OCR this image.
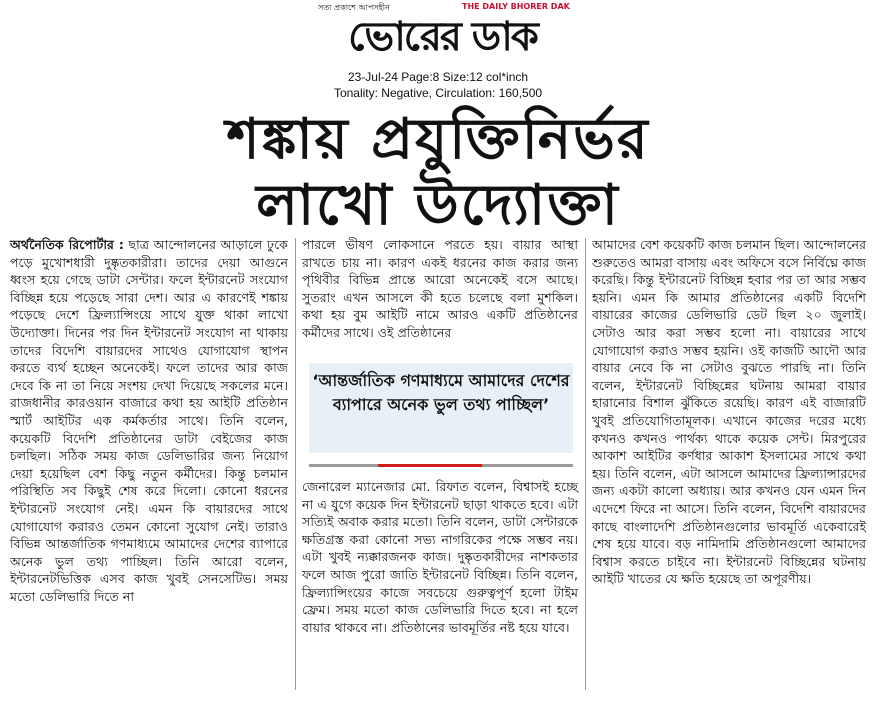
সত্য প্রকাশে আপসহীন	THE DAILY BHORER DAK
ভোরের ডাক
23-Jul-24 Page:8 Size:12 col*inch
Tonality: Negative, Circulation: 160,500
শঙ্কায় প্রযুক্তিনির্ভর
লাখো উদ্যোক্তা
অর্থনৈতিক রিপোর্টার : ছাত্র আন্দোলনের আড়ালে ঢুকে পড়ে মুখোশধারী দুষ্কৃতকারীরা। তাদের দেয়া আগুনে ধ্বংস হয়ে গেছে ডাটা সেন্টার। ফলে ইন্টারনেট সংযোগ বিচ্ছিন্ন হয়ে পড়েছে সারা দেশ। আর এ কারণেই শঙ্কায় পড়েছে দেশে ফ্রিল্যান্সিংয়ে সাথে যুক্ত থাকা লাখো উদ্যোক্তা। দিনের পর দিন ইন্টারনেট সংযোগ না থাকায় তাদের বিদেশি বায়ারদের সাথেও যোগাযোগ স্থাপন করতে ব্যর্থ হচ্ছেন অনেকেই। ফলে তাদের আর কাজ দেবে কি না তা নিয়ে সংশয় দেখা দিয়েছে সকলের মনে। রাজধানীর কারওয়ান বাজারে কথা হয় আইটি প্রতিষ্ঠান স্মার্ট আইটির এক কর্মকর্তার সাথে। তিনি বলেন, কয়েকটি বিদেশি প্রতিষ্ঠানের ডাটা বেইজের কাজ চলছিল। সঠিক সময় কাজ ডেলিভারির জন্য নিয়োগ দেয়া হয়েছিল বেশ কিছু নতুন কর্মীদের। কিন্তু চলমান পরিস্থিতি সব কিছুই শেষ করে দিলো। কোনো ধরনের ইন্টারনেট সংযোগ নেই। এমন কি বায়ারদের সাথে যোগাযোগ করারও তেমন কোনো সুযোগ নেই। তারাও বিভিন্ন আন্তর্জাতিক গণমাধ্যমে আমাদের দেশের ব্যাপারে অনেক ভুল তথ্য পাচ্ছিল। তিনি আরো বলেন, ইন্টারনেটভিত্তিক এসব কাজ খুবই সেনসেটিভ। সময় মতো ডেলিভারি দিতে না
পারলে ভীষণ লোকসানে পরতে হয়। বায়ার আস্থা রাখতে চায় না। কারণ একই ধরনের কাজ করার জন্য পৃথিবীর বিভিন্ন প্রান্তে আরো অনেকেই বসে আছে। সুতরাং এখন আসলে কী হতে চলেছে বলা মুশকিল। কথা হয় বুম আইটি নামে আরও একটি প্রতিষ্ঠানের কর্মীদের সাথে। ওই প্রতিষ্ঠানের
‘আন্তর্জাতিক গণমাধ্যমে আমাদের দেশের ব্যাপারে অনেক ভুল তথ্য পাচ্ছিল’
জেনারেল ম্যানেজার মো. রিফাত বলেন, বিশ্বাসই হচ্ছে না এ যুগে কয়েক দিন ইন্টারনেট ছাড়া থাকতে হবে। এটা সত্যিই অবাক করার মতো। তিনি বলেন, ডাটা সেন্টারকে ক্ষতিগ্রস্ত করা কোনো সভ্য নাগরিকের পক্ষে সম্ভব নয়। এটা খুবই ন্যক্কারজনক কাজ। দুষ্কৃতকারীদের নাশকতার ফলে আজ পুরো জাতি ইন্টারনেট বিচ্ছিন্ন। তিনি বলেন, ফ্রিল্যান্সিংয়ের কাজে সবচেয়ে গুরুত্বপূর্ণ হলো টাইম ফ্রেম। সময় মতো কাজ ডেলিভারি দিতে হবে। না হলে বায়ার থাকবে না। প্রতিষ্ঠানের ভাবমূর্তির নষ্ট হয়ে যাবে।
আমাদের বেশ কয়েকটি কাজ চলমান ছিল। আন্দোলনের শুরুতেও আমরা বাসায় এবং অফিসে বসে নির্বিঘ্নে কাজ করেছি। কিন্তু ইন্টারনেট বিচ্ছিন্ন হবার পর তা আর সম্ভব হয়নি। এমন কি আমার প্রতিষ্ঠানের একটি বিদেশি বায়ারের কাজের ডেলিভারি ডেট ছিল ২০ জুলাই। সেটাও আর করা সম্ভব হলো না। বায়ারের সাথে যোগাযোগ করাও সম্ভব হয়নি। ওই কাজটি আদৌ আর বায়ার নেবে কি না সেটাও বুঝতে পারছি না। তিনি বলেন, ইন্টারনেট বিচ্ছিন্নের ঘটনায় আমরা বায়ার হারানোর বিশাল ঝুঁকিতে রয়েছি। কারণ এই বাজারটি খুবই প্রতিযোগিতামূলক। এখানে কাজের দরের মধ্যে কখনও কখনও পার্থক্য থাকে কয়েক সেন্ট। মিরপুরের আকাশ আইটির কর্ণধার আকাশ ইসলামের সাথে কথা হয়। তিনি বলেন, এটা আসলে আমাদের ফ্রিল্যান্সারদের জন্য একটা কালো অধ্যায়। আর কখনও যেন এমন দিন এদেশে ফিরে না আসে। তিনি বলেন, বিদেশি বায়ারদের কাছে বাংলাদেশি প্রতিষ্ঠানগুলোর ভাবমূর্তি একেবারেই শেষ হয়ে যাবে। বড় নামিদামি প্রতিষ্ঠানগুলো আমাদের বিশ্বাস করতে চাইবে না। ইন্টারনেট বিচ্ছিন্নের ঘটনায় আইটি খাতের যে ক্ষতি হয়েছে তা অপূরণীয়।
